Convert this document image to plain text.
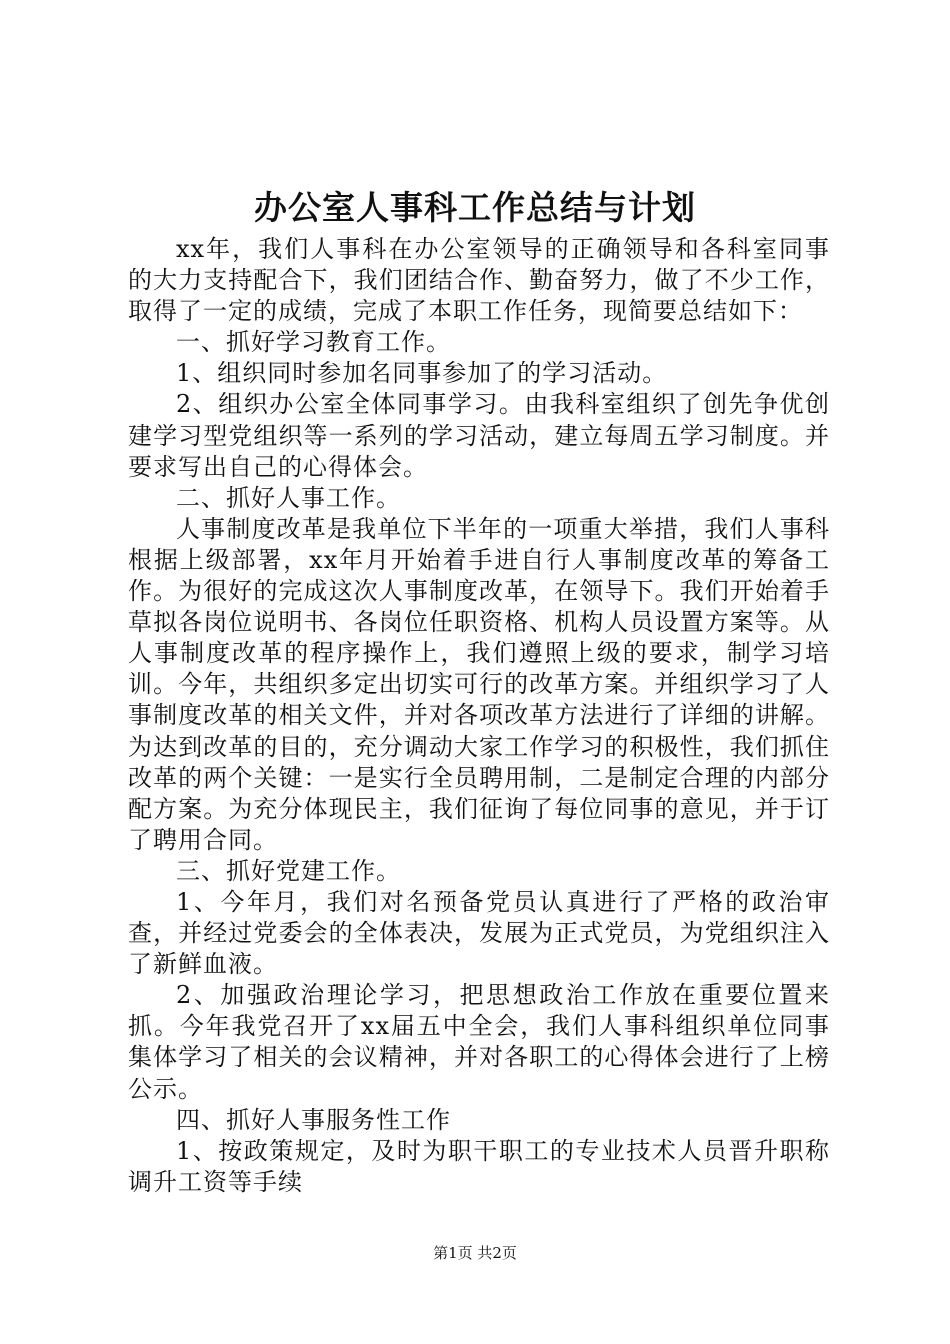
办公室人事科工作总结与计划

xx年，我们人事科在办公室领导的正确领导和各科室同事的大力支持配合下，我们团结合作、勤奋努力，做了不少工作，取得了一定的成绩，完成了本职工作任务，现简要总结如下：

一、抓好学习教育工作。

1、组织同时参加名同事参加了的学习活动。

2、组织办公室全体同事学习。由我科室组织了创先争优创建学习型党组织等一系列的学习活动，建立每周五学习制度。并要求写出自己的心得体会。

二、抓好人事工作。

人事制度改革是我单位下半年的一项重大举措，我们人事科根据上级部署，xx年月开始着手进自行人事制度改革的筹备工作。为很好的完成这次人事制度改革，在领导下。我们开始着手草拟各岗位说明书、各岗位任职资格、机构人员设置方案等。从人事制度改革的程序操作上，我们遵照上级的要求，制学习培训。今年，共组织多定出切实可行的改革方案。并组织学习了人事制度改革的相关文件，并对各项改革方法进行了详细的讲解。为达到改革的目的，充分调动大家工作学习的积极性，我们抓住改革的两个关键：一是实行全员聘用制，二是制定合理的内部分配方案。为充分体现民主，我们征询了每位同事的意见，并于订了聘用合同。

三、抓好党建工作。

1、今年月，我们对名预备党员认真进行了严格的政治审查，并经过党委会的全体表决，发展为正式党员，为党组织注入了新鲜血液。

2、加强政治理论学习，把思想政治工作放在重要位置来抓。今年我党召开了xx届五中全会，我们人事科组织单位同事集体学习了相关的会议精神，并对各职工的心得体会进行了上榜公示。

四、抓好人事服务性工作

1、按政策规定，及时为职干职工的专业技术人员晋升职称调升工资等手续

第1页 共2页
